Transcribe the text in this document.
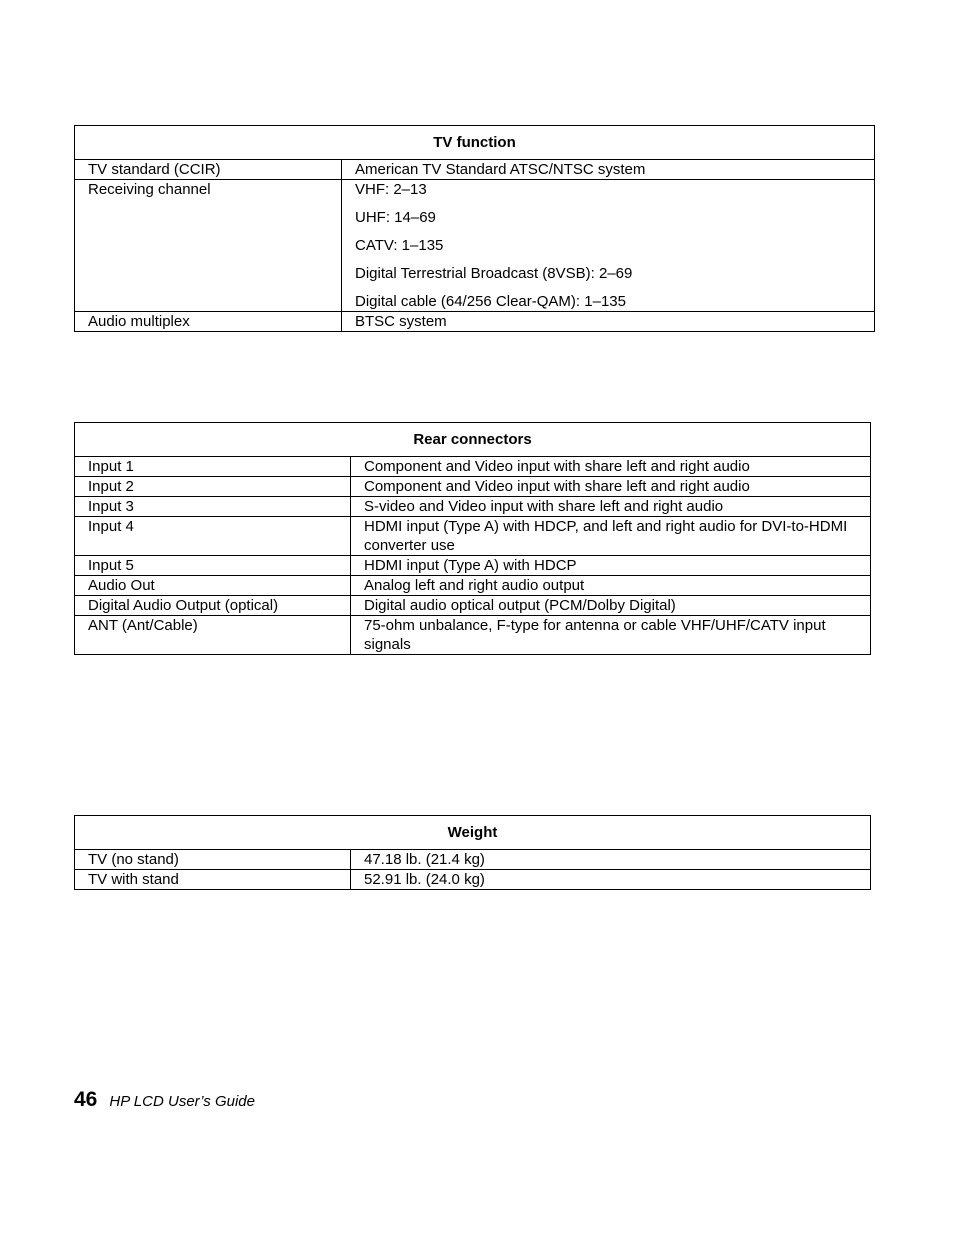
TV function	
TV standard (CCIR)	American TV Standard ATSC/NTSC system

Receiving channel	VHF: 2–13
UHF: 14–69
CATV: 1–135
Digital Terrestrial Broadcast (8VSB): 2–69
Digital cable (64/256 Clear-QAM): 1–135

Audio multiplex	BTSC system
Rear connectors	
Input 1	Component and Video input with share left and right audio

Input 2	Component and Video input with share left and right audio

Input 3	S-video and Video input with share left and right audio

Input 4	HDMI input (Type A) with HDCP, and left and right audio for DVI-to-HDMI converter use

Input 5	HDMI input (Type A) with HDCP

Audio Out	Analog left and right audio output

Digital Audio Output (optical)	Digital audio optical output (PCM/Dolby Digital)

ANT (Ant/Cable)	75-ohm unbalance, F-type for antenna or cable VHF/UHF/CATV input signals
Weight	
TV (no stand)	47.18 lb. (21.4 kg)

TV with stand	52.91 lb. (24.0 kg)
46 HP LCD User’s Guide
